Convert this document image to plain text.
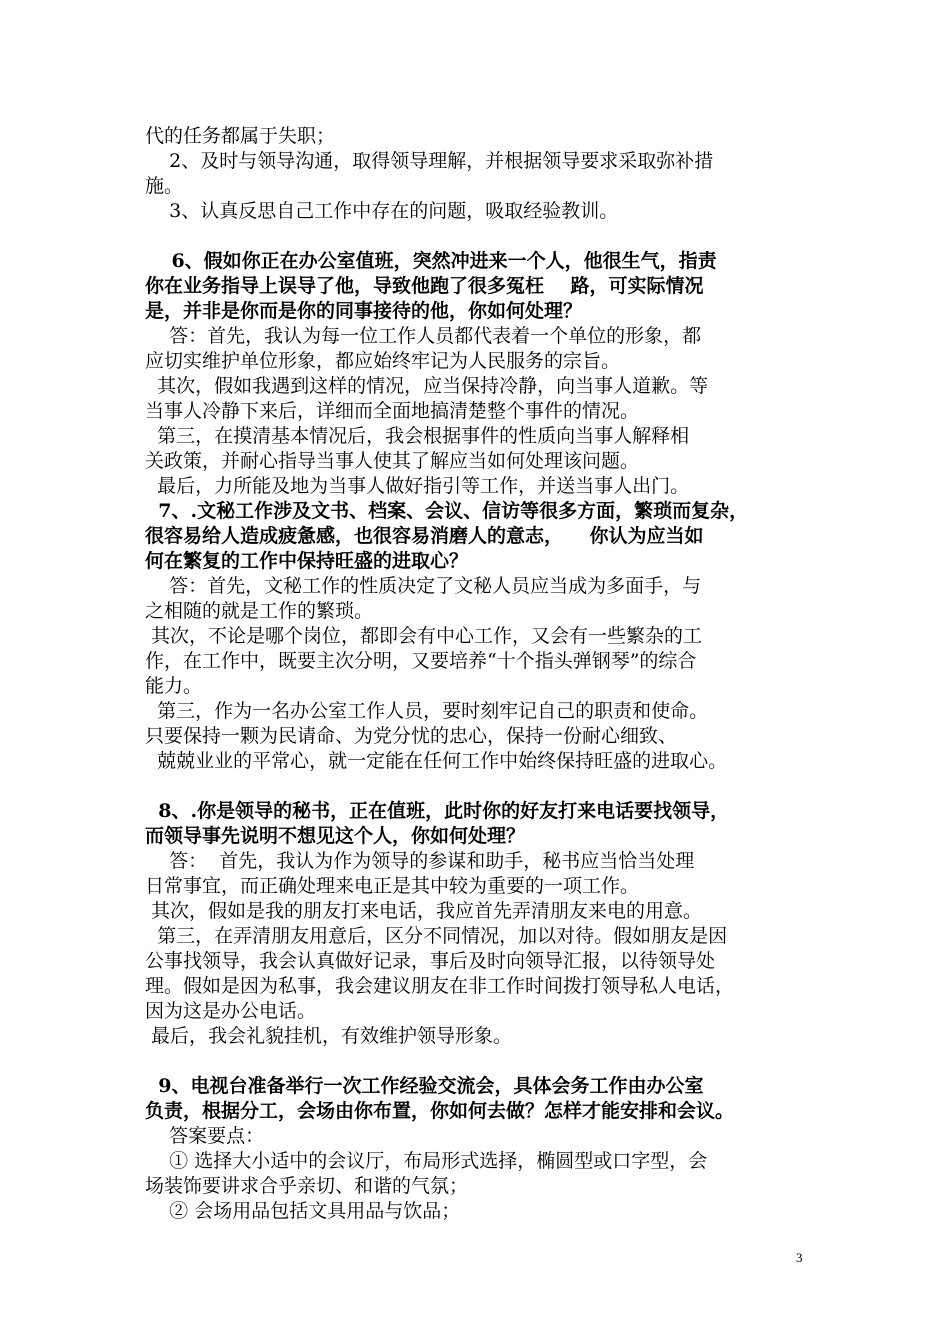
代的任务都属于失职；
2、及时与领导沟通，取得领导理解，并根据领导要求采取弥补措
施。
3、认真反思自己工作中存在的问题，吸取经验教训。
6、假如你正在办公室值班，突然冲进来一个人，他很生气，指责
你在业务指导上误导了他，导致他跑了很多冤枉    路，可实际情况
是，并非是你而是你的同事接待的他，你如何处理？
答：首先，我认为每一位工作人员都代表着一个单位的形象，都
应切实维护单位形象，都应始终牢记为人民服务的宗旨。
其次，假如我遇到这样的情况，应当保持冷静，向当事人道歉。等
当事人冷静下来后，详细而全面地搞清楚整个事件的情况。
第三，在摸清基本情况后，我会根据事件的性质向当事人解释相
关政策，并耐心指导当事人使其了解应当如何处理该问题。
最后，力所能及地为当事人做好指引等工作，并送当事人出门。
7、.文秘工作涉及文书、档案、会议、信访等很多方面，繁琐而复杂，
很容易给人造成疲惫感，也很容易消磨人的意志，    你认为应当如
何在繁复的工作中保持旺盛的进取心？
答：首先，文秘工作的性质决定了文秘人员应当成为多面手，与
之相随的就是工作的繁琐。
其次，不论是哪个岗位，都即会有中心工作，又会有一些繁杂的工
作，在工作中，既要主次分明，又要培养“十个指头弹钢琴”的综合
能力。
第三，作为一名办公室工作人员，要时刻牢记自己的职责和使命。
只要保持一颗为民请命、为党分忧的忠心，保持一份耐心细致、
兢兢业业的平常心，就一定能在任何工作中始终保持旺盛的进取心。
8、.你是领导的秘书，正在值班，此时你的好友打来电话要找领导，
而领导事先说明不想见这个人，你如何处理？
答：  首先，我认为作为领导的参谋和助手，秘书应当恰当处理
日常事宜，而正确处理来电正是其中较为重要的一项工作。
其次，假如是我的朋友打来电话，我应首先弄清朋友来电的用意。
第三，在弄清朋友用意后，区分不同情况，加以对待。假如朋友是因
公事找领导，我会认真做好记录，事后及时向领导汇报，以待领导处
理。假如是因为私事，我会建议朋友在非工作时间拨打领导私人电话，
因为这是办公电话。
最后，我会礼貌挂机，有效维护领导形象。
9、电视台准备举行一次工作经验交流会，具体会务工作由办公室
负责，根据分工，会场由你布置，你如何去做？怎样才能安排和会议。
答案要点：
① 选择大小适中的会议厅，布局形式选择，椭圆型或口字型，会
场装饰要讲求合乎亲切、和谐的气氛；
② 会场用品包括文具用品与饮品；
3
